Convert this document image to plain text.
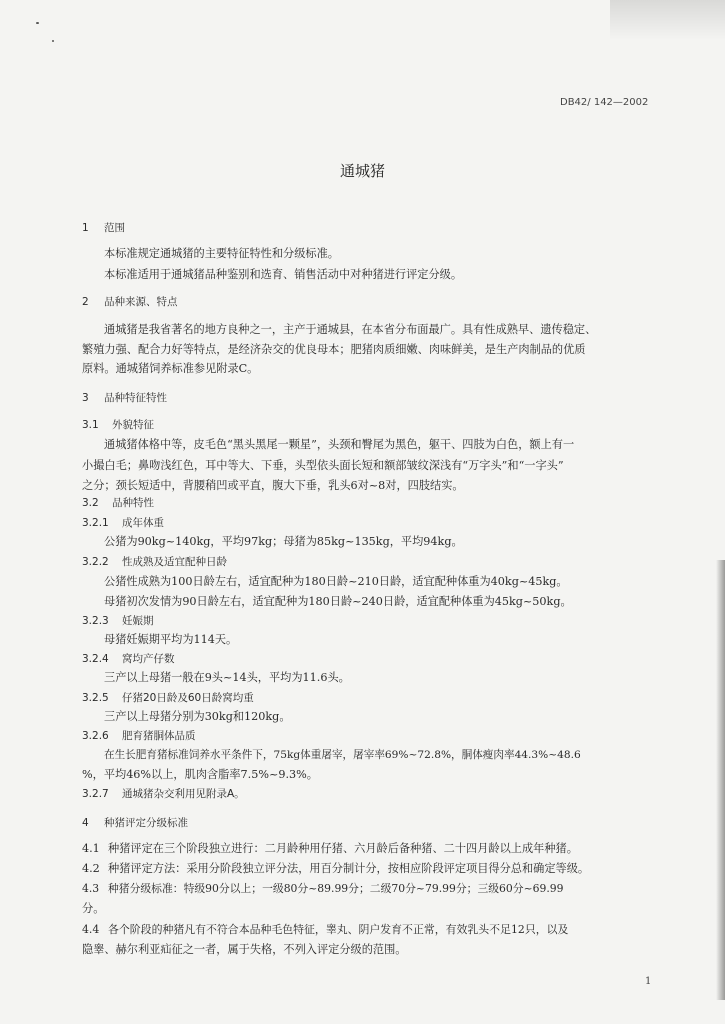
DB42/ 142—2002
通城猪
1 范围
本标准规定通城猪的主要特征特性和分级标准。
本标准适用于通城猪品种鉴别和选育、销售活动中对种猪进行评定分级。
2 品种来源、特点
通城猪是我省著名的地方良种之一，主产于通城县，在本省分布面最广。具有性成熟早、遗传稳定、
繁殖力强、配合力好等特点，是经济杂交的优良母本；肥猪肉质细嫩、肉味鲜美，是生产肉制品的优质
原料。通城猪饲养标准参见附录C。
3 品种特征特性
3.1 外貌特征
通城猪体格中等，皮毛色“黑头黑尾一颗星”，头颈和臀尾为黑色，躯干、四肢为白色，额上有一
小撮白毛；鼻吻浅红色，耳中等大、下垂，头型依头面长短和额部皱纹深浅有“万字头”和“一字头”
之分；颈长短适中，背腰稍凹或平直，腹大下垂，乳头6对~8对，四肢结实。
3.2 品种特性
3.2.1 成年体重
公猪为90kg~140kg，平均97kg；母猪为85kg~135kg，平均94kg。
3.2.2 性成熟及适宜配种日龄
公猪性成熟为100日龄左右，适宜配种为180日龄~210日龄，适宜配种体重为40kg~45kg。
母猪初次发情为90日龄左右，适宜配种为180日龄~240日龄，适宜配种体重为45kg~50kg。
3.2.3 妊娠期
母猪妊娠期平均为114天。
3.2.4 窝均产仔数
三产以上母猪一般在9头~14头，平均为11.6头。
3.2.5 仔猪20日龄及60日龄窝均重
三产以上母猪分别为30kg和120kg。
3.2.6 肥育猪胴体品质
在生长肥育猪标准饲养水平条件下，75kg体重屠宰，屠宰率69%~72.8%，胴体瘦肉率44.3%~48.6
%，平均46%以上，肌肉含脂率7.5%~9.3%。
3.2.7 通城猪杂交利用见附录A。
4 种猪评定分级标准
4.1 种猪评定在三个阶段独立进行：二月龄种用仔猪、六月龄后备种猪、二十四月龄以上成年种猪。
4.2 种猪评定方法：采用分阶段独立评分法，用百分制计分，按相应阶段评定项目得分总和确定等级。
4.3 种猪分级标准：特级90分以上；一级80分~89.99分；二级70分~79.99分；三级60分~69.99
分。
4.4 各个阶段的种猪凡有不符合本品种毛色特征，睾丸、阴户发育不正常，有效乳头不足12只，以及
隐睾、赫尔利亚疝征之一者，属于失格，不列入评定分级的范围。
1
